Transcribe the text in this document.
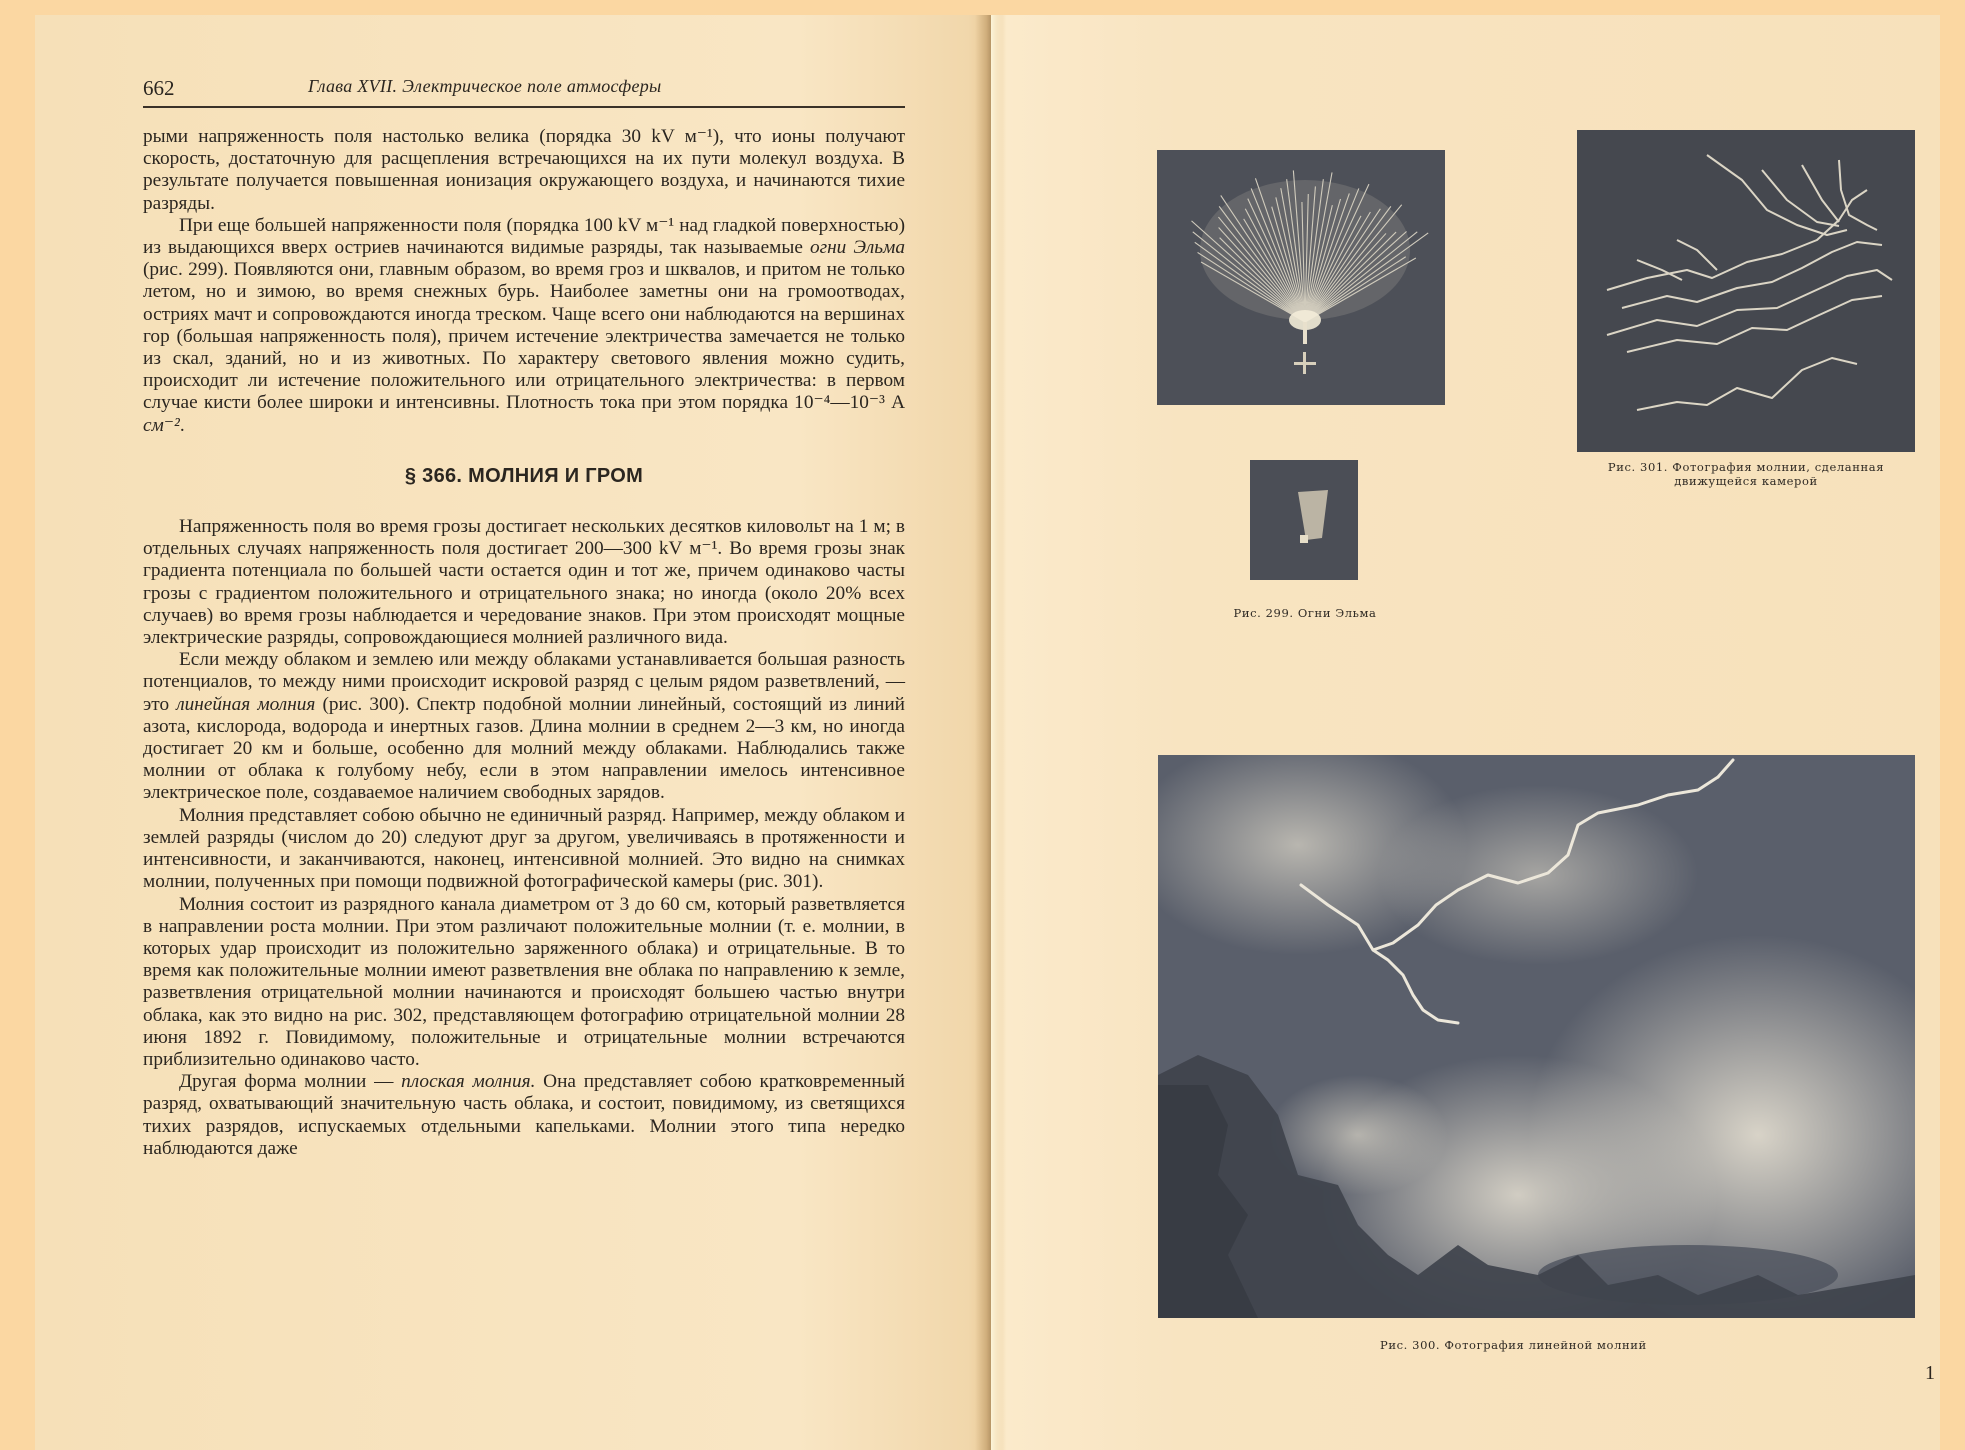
662	Глава XVII. Электрическое поле атмосферы

рыми напряженность поля настолько велика (порядка 30 kV м⁻¹), что ионы получают скорость, достаточную для расщепления встречающихся на их пути молекул воздуха. В результате получается повышенная ионизация окружающего воздуха, и начинаются тихие разряды.

При еще большей напряженности поля (порядка 100 kV м⁻¹ над гладкой поверхностью) из выдающихся вверх остриев начинаются видимые разряды, так называемые огни Эльма (рис. 299). Появляются они, главным образом, во время гроз и шквалов, и притом не только летом, но и зимою, во время снежных бурь. Наиболее заметны они на громоотводах, остриях мачт и сопровождаются иногда треском. Чаще всего они наблюдаются на вершинах гор (большая напряженность поля), причем истечение электричества замечается не только из скал, зданий, но и из животных. По характеру светового явления можно судить, происходит ли истечение положительного или отрицательного электричества: в первом случае кисти более широки и интенсивны. Плотность тока при этом порядка 10⁻⁴—10⁻³ A см⁻².

§ 366. МОЛНИЯ И ГРОМ

Напряженность поля во время грозы достигает нескольких десятков киловольт на 1 м; в отдельных случаях напряженность поля достигает 200—300 kV м⁻¹. Во время грозы знак градиента потенциала по большей части остается один и тот же, причем одинаково часты грозы с градиентом положительного и отрицательного знака; но иногда (около 20% всех случаев) во время грозы наблюдается и чередование знаков. При этом происходят мощные электрические разряды, сопровождающиеся молнией различного вида.

Если между облаком и землею или между облаками устанавливается большая разность потенциалов, то между ними происходит искровой разряд с целым рядом разветвлений, — это линейная молния (рис. 300). Спектр подобной молнии линейный, состоящий из линий азота, кислорода, водорода и инертных газов. Длина молнии в среднем 2—3 км, но иногда достигает 20 км и больше, особенно для молний между облаками. Наблюдались также молнии от облака к голубому небу, если в этом направлении имелось интенсивное электрическое поле, создаваемое наличием свободных зарядов.

Молния представляет собою обычно не единичный разряд. Например, между облаком и землей разряды (числом до 20) следуют друг за другом, увеличиваясь в протяженности и интенсивности, и заканчиваются, наконец, интенсивной молнией. Это видно на снимках молнии, полученных при помощи подвижной фотографической камеры (рис. 301).

Молния состоит из разрядного канала диаметром от 3 до 60 см, который разветвляется в направлении роста молнии. При этом различают положительные молнии (т. е. молнии, в которых удар происходит из положительно заряженного облака) и отрицательные. В то время как положительные молнии имеют разветвления вне облака по направлению к земле, разветвления отрицательной молнии начинаются и происходят большею частью внутри облака, как это видно на рис. 302, представляющем фотографию отрицательной молнии 28 июня 1892 г. Повидимому, положительные и отрицательные молнии встречаются приблизительно одинаково часто.

Другая форма молнии — плоская молния. Она представляет собою кратковременный разряд, охватывающий значительную часть облака, и состоит, повидимому, из светящихся тихих разрядов, испускаемых отдельными капельками. Молнии этого типа нередко наблюдаются даже

Рис. 299. Огни Эльма
Рис. 301. Фотография молнии, сделанная движущейся камерой
Рис. 300. Фотография линейной молний
1
